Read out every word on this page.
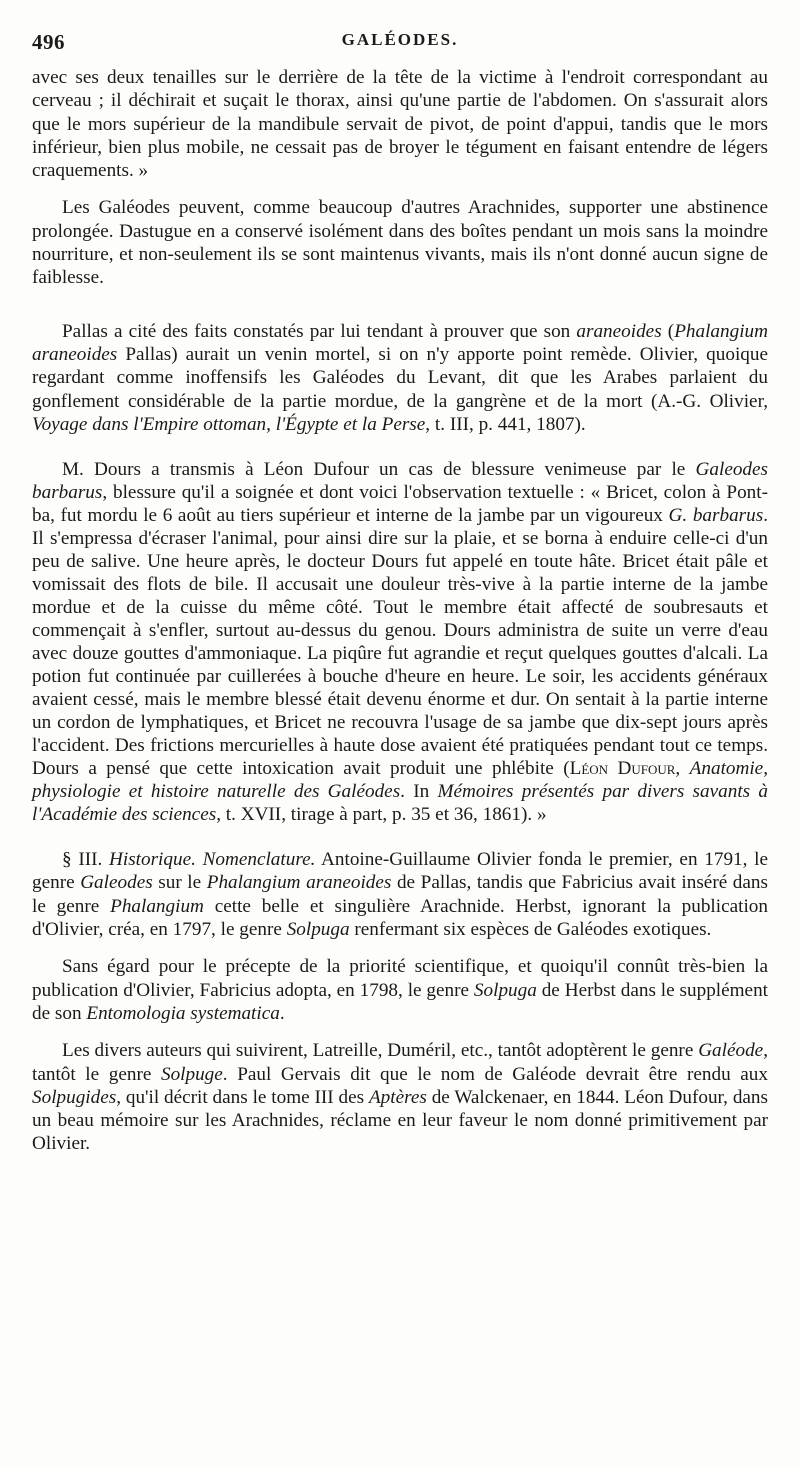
496	GALÉODES.

avec ses deux tenailles sur le derrière de la tête de la victime à l'endroit correspondant au cerveau ; il déchirait et suçait le thorax, ainsi qu'une partie de l'abdomen. On s'assurait alors que le mors supérieur de la mandibule servait de pivot, de point d'appui, tandis que le mors inférieur, bien plus mobile, ne cessait pas de broyer le tégument en faisant entendre de légers craquements. »

Les Galéodes peuvent, comme beaucoup d'autres Arachnides, supporter une abstinence prolongée. Dastugue en a conservé isolément dans des boîtes pendant un mois sans la moindre nourriture, et non-seulement ils se sont maintenus vivants, mais ils n'ont donné aucun signe de faiblesse.

Pallas a cité des faits constatés par lui tendant à prouver que son araneoides (Phalangium araneoides Pallas) aurait un venin mortel, si on n'y apporte point remède. Olivier, quoique regardant comme inoffensifs les Galéodes du Levant, dit que les Arabes parlaient du gonflement considérable de la partie mordue, de la gangrène et de la mort (A.-G. Olivier, Voyage dans l'Empire ottoman, l'Égypte et la Perse, t. III, p. 441, 1807).

M. Dours a transmis à Léon Dufour un cas de blessure venimeuse par le Galeodes barbarus, blessure qu'il a soignée et dont voici l'observation textuelle : « Bricet, colon à Pont-ba, fut mordu le 6 août au tiers supérieur et interne de la jambe par un vigoureux G. barbarus. Il s'empressa d'écraser l'animal, pour ainsi dire sur la plaie, et se borna à enduire celle-ci d'un peu de salive. Une heure après, le docteur Dours fut appelé en toute hâte. Bricet était pâle et vomissait des flots de bile. Il accusait une douleur très-vive à la partie interne de la jambe mordue et de la cuisse du même côté. Tout le membre était affecté de soubresauts et commençait à s'enfler, surtout au-dessus du genou. Dours administra de suite un verre d'eau avec douze gouttes d'ammoniaque. La piqûre fut agrandie et reçut quelques gouttes d'alcali. La potion fut continuée par cuillerées à bouche d'heure en heure. Le soir, les accidents généraux avaient cessé, mais le membre blessé était devenu énorme et dur. On sentait à la partie interne un cordon de lymphatiques, et Bricet ne recouvra l'usage de sa jambe que dix-sept jours après l'accident. Des frictions mercurielles à haute dose avaient été pratiquées pendant tout ce temps. Dours a pensé que cette intoxication avait produit une phlébite (Léon Dufour, Anatomie, physiologie et histoire naturelle des Galéodes. In Mémoires présentés par divers savants à l'Académie des sciences, t. XVII, tirage à part, p. 35 et 36, 1861). »

§ III. Historique. Nomenclature. Antoine-Guillaume Olivier fonda le premier, en 1791, le genre Galeodes sur le Phalangium araneoides de Pallas, tandis que Fabricius avait inséré dans le genre Phalangium cette belle et singulière Arachnide. Herbst, ignorant la publication d'Olivier, créa, en 1797, le genre Solpuga renfermant six espèces de Galéodes exotiques.

Sans égard pour le précepte de la priorité scientifique, et quoiqu'il connût très-bien la publication d'Olivier, Fabricius adopta, en 1798, le genre Solpuga de Herbst dans le supplément de son Entomologia systematica.

Les divers auteurs qui suivirent, Latreille, Duméril, etc., tantôt adoptèrent le genre Galéode, tantôt le genre Solpuge. Paul Gervais dit que le nom de Galéode devrait être rendu aux Solpugides, qu'il décrit dans le tome III des Aptères de Walckenaer, en 1844. Léon Dufour, dans un beau mémoire sur les Arachnides, réclame en leur faveur le nom donné primitivement par Olivier.
